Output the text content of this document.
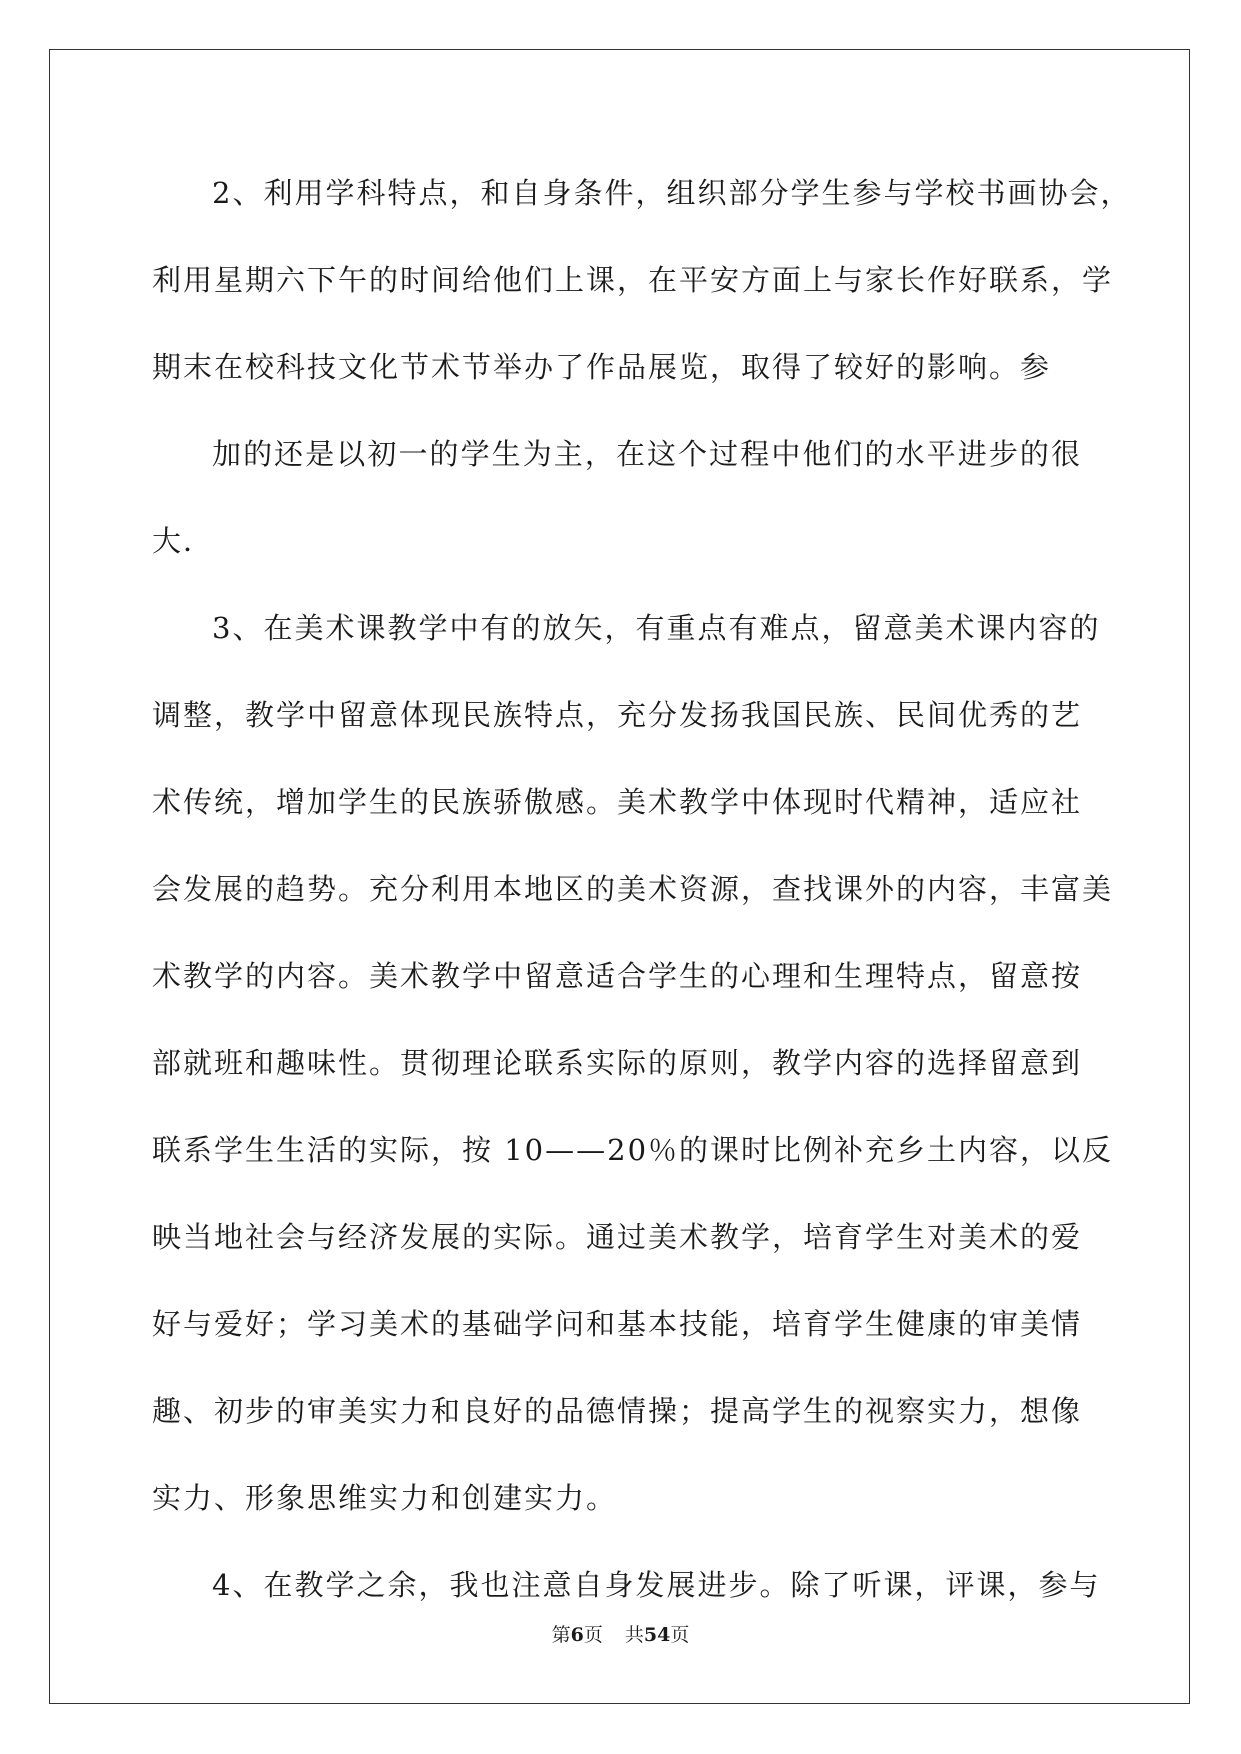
2、利用学科特点，和自身条件，组织部分学生参与学校书画协会，
利用星期六下午的时间给他们上课，在平安方面上与家长作好联系，学
期末在校科技文化节术节举办了作品展览，取得了较好的影响。参
加的还是以初一的学生为主，在这个过程中他们的水平进步的很
大．
3、在美术课教学中有的放矢，有重点有难点，留意美术课内容的
调整，教学中留意体现民族特点，充分发扬我国民族、民间优秀的艺
术传统，增加学生的民族骄傲感。美术教学中体现时代精神，适应社
会发展的趋势。充分利用本地区的美术资源，查找课外的内容，丰富美
术教学的内容。美术教学中留意适合学生的心理和生理特点，留意按
部就班和趣味性。贯彻理论联系实际的原则，教学内容的选择留意到
联系学生生活的实际，按 10——20％的课时比例补充乡土内容，以反
映当地社会与经济发展的实际。通过美术教学，培育学生对美术的爱
好与爱好；学习美术的基础学问和基本技能，培育学生健康的审美情
趣、初步的审美实力和良好的品德情操；提高学生的视察实力，想像
实力、形象思维实力和创建实力。
4、在教学之余，我也注意自身发展进步。除了听课，评课，参与
第6页 共54页
